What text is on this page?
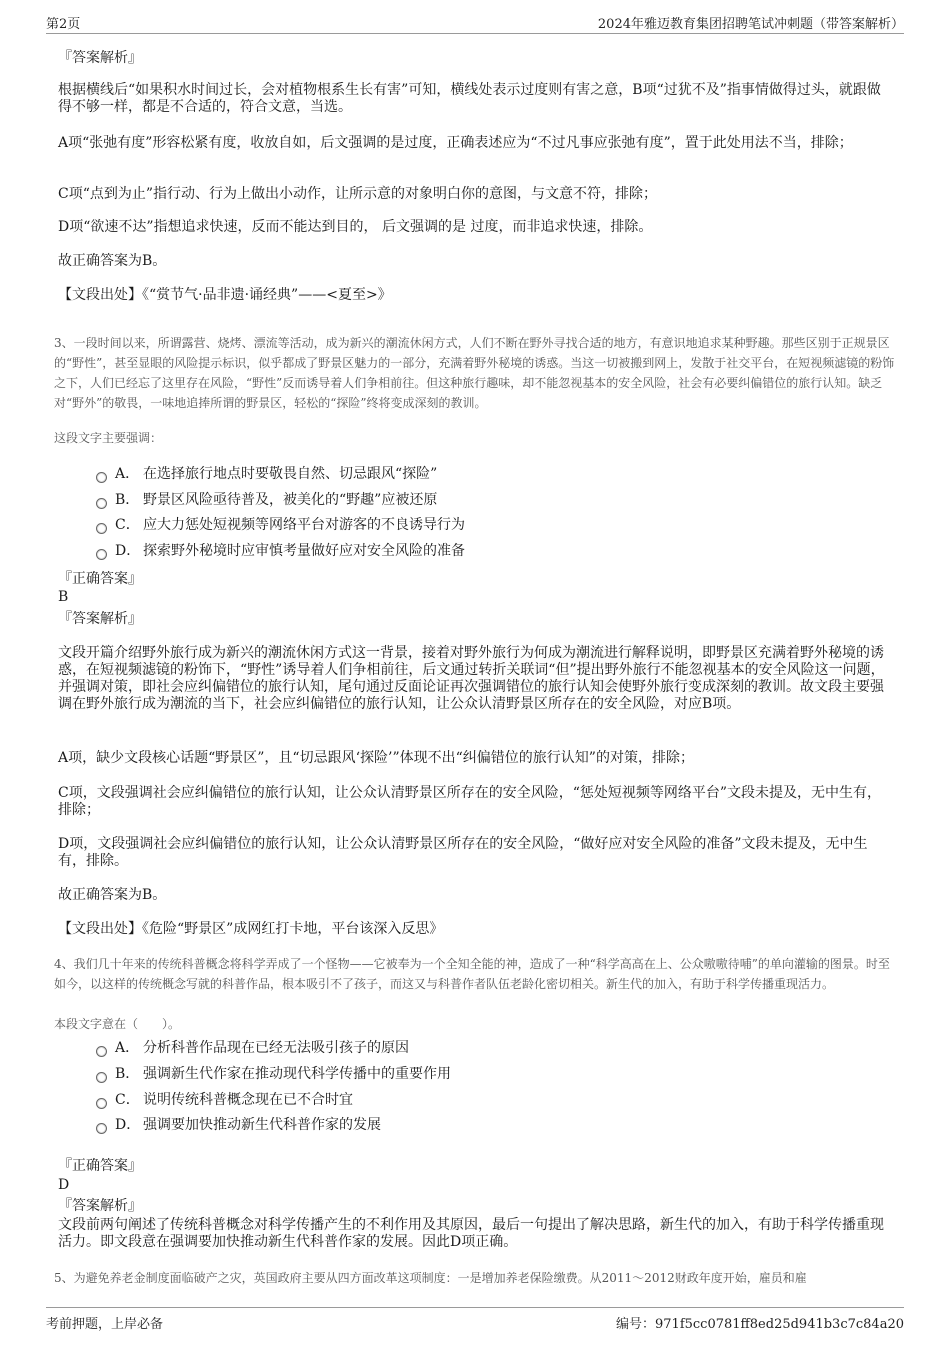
第2页	2024年雅迈教育集团招聘笔试冲刺题（带答案解析）
『答案解析』
根据横线后“如果积水时间过长，会对植物根系生长有害”可知，横线处表示过度则有害之意，B项“过犹不及”指事情做得过头，就跟做得不够一样，都是不合适的，符合文意，当选。
A项“张弛有度”形容松紧有度，收放自如，后文强调的是过度，正确表述应为“不过凡事应张弛有度”，置于此处用法不当，排除；
C项“点到为止”指行动、行为上做出小动作，让所示意的对象明白你的意图，与文意不符，排除；
D项“欲速不达”指想追求快速，反而不能达到目的， 后文强调的是 过度，而非追求快速，排除。
故正确答案为B。
【文段出处】《“赏节气·品非遗·诵经典”——<夏至>》
3、一段时间以来，所谓露营、烧烤、漂流等活动，成为新兴的潮流休闲方式，人们不断在野外寻找合适的地方，有意识地追求某种野趣。那些区别于正规景区的“野性”，甚至显眼的风险提示标识，似乎都成了野景区魅力的一部分，充满着野外秘境的诱惑。当这一切被搬到网上，发散于社交平台，在短视频滤镜的粉饰之下，人们已经忘了这里存在风险，“野性”反而诱导着人们争相前往。但这种旅行趣味，却不能忽视基本的安全风险，社会有必要纠偏错位的旅行认知。缺乏对“野外”的敬畏，一味地追捧所谓的野景区，轻松的“探险”终将变成深刻的教训。
这段文字主要强调：
A． 在选择旅行地点时要敬畏自然、切忌跟风“探险”
B． 野景区风险亟待普及，被美化的“野趣”应被还原
C． 应大力惩处短视频等网络平台对游客的不良诱导行为
D． 探索野外秘境时应审慎考量做好应对安全风险的准备
『正确答案』
B
『答案解析』
文段开篇介绍野外旅行成为新兴的潮流休闲方式这一背景，接着对野外旅行为何成为潮流进行解释说明，即野景区充满着野外秘境的诱惑，在短视频滤镜的粉饰下，“野性”诱导着人们争相前往，后文通过转折关联词“但”提出野外旅行不能忽视基本的安全风险这一问题，并强调对策，即社会应纠偏错位的旅行认知，尾句通过反面论证再次强调错位的旅行认知会使野外旅行变成深刻的教训。故文段主要强调在野外旅行成为潮流的当下，社会应纠偏错位的旅行认知，让公众认清野景区所存在的安全风险，对应B项。
A项，缺少文段核心话题“野景区”，且“切忌跟风‘探险’”体现不出“纠偏错位的旅行认知”的对策，排除；
C项，文段强调社会应纠偏错位的旅行认知，让公众认清野景区所存在的安全风险，“惩处短视频等网络平台”文段未提及，无中生有，排除；
D项，文段强调社会应纠偏错位的旅行认知，让公众认清野景区所存在的安全风险，“做好应对安全风险的准备”文段未提及，无中生有，排除。
故正确答案为B。
【文段出处】《危险“野景区”成网红打卡地，平台该深入反思》
4、我们几十年来的传统科普概念将科学弄成了一个怪物——它被奉为一个全知全能的神，造成了一种“科学高高在上、公众嗷嗷待哺”的单向灌输的图景。时至如今，以这样的传统概念写就的科普作品，根本吸引不了孩子，而这又与科普作者队伍老龄化密切相关。新生代的加入，有助于科学传播重现活力。
本段文字意在（　　）。
A． 分析科普作品现在已经无法吸引孩子的原因
B． 强调新生代作家在推动现代科学传播中的重要作用
C． 说明传统科普概念现在已不合时宜
D． 强调要加快推动新生代科普作家的发展
『正确答案』
D
『答案解析』
文段前两句阐述了传统科普概念对科学传播产生的不利作用及其原因，最后一句提出了解决思路，新生代的加入，有助于科学传播重现活力。即文段意在强调要加快推动新生代科普作家的发展。因此D项正确。
5、为避免养老金制度面临破产之灾，英国政府主要从四方面改革这项制度：一是增加养老保险缴费。从2011～2012财政年度开始，雇员和雇
考前押题，上岸必备	编号：971f5cc0781ff8ed25d941b3c7c84a20
